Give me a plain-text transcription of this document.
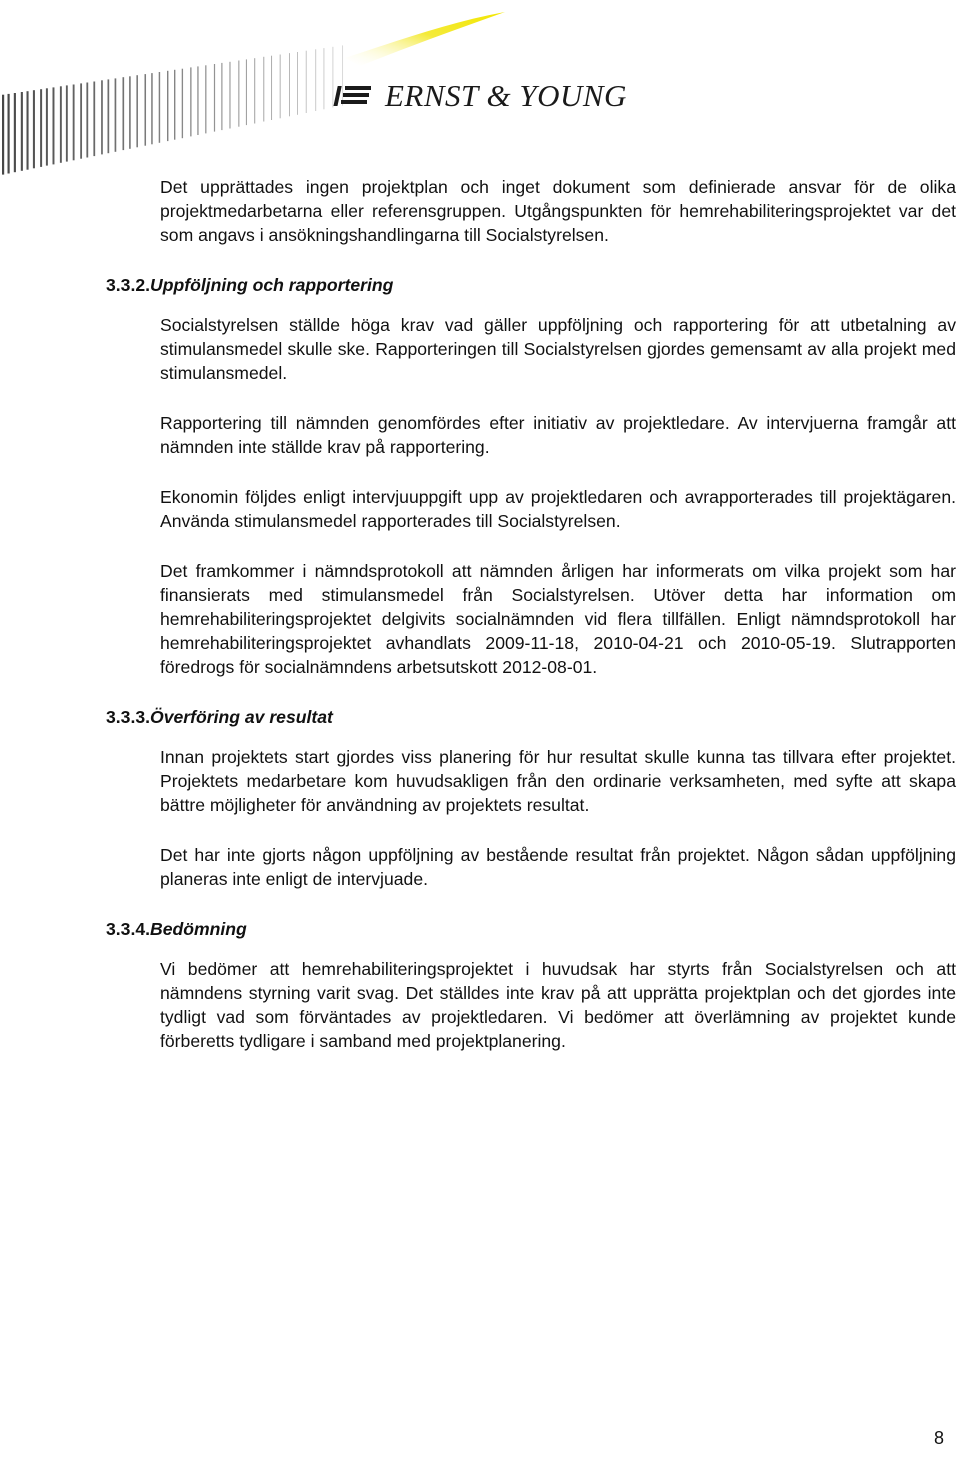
ERNST & YOUNG

Det upprättades ingen projektplan och inget dokument som definierade ansvar för de olika projektmedarbetarna eller referensgruppen. Utgångspunkten för hemrehabiliteringsprojektet var det som angavs i ansökningshandlingarna till Socialstyrelsen.

3.3.2.Uppföljning och rapportering

Socialstyrelsen ställde höga krav vad gäller uppföljning och rapportering för att utbetalning av stimulansmedel skulle ske. Rapporteringen till Socialstyrelsen gjordes gemensamt av alla projekt med stimulansmedel.

Rapportering till nämnden genomfördes efter initiativ av projektledare. Av intervjuerna framgår att nämnden inte ställde krav på rapportering.

Ekonomin följdes enligt intervjuuppgift upp av projektledaren och avrapporterades till projektägaren. Använda stimulansmedel rapporterades till Socialstyrelsen.

Det framkommer i nämndsprotokoll att nämnden årligen har informerats om vilka projekt som har finansierats med stimulansmedel från Socialstyrelsen. Utöver detta har information om hemrehabiliteringsprojektet delgivits socialnämnden vid flera tillfällen. Enligt nämndsprotokoll har hemrehabiliteringsprojektet avhandlats 2009-11-18, 2010-04-21 och 2010-05-19. Slutrapporten föredrogs för socialnämndens arbetsutskott 2012-08-01.

3.3.3.Överföring av resultat

Innan projektets start gjordes viss planering för hur resultat skulle kunna tas tillvara efter projektet. Projektets medarbetare kom huvudsakligen från den ordinarie verksamheten, med syfte att skapa bättre möjligheter för användning av projektets resultat.

Det har inte gjorts någon uppföljning av bestående resultat från projektet. Någon sådan uppföljning planeras inte enligt de intervjuade.

3.3.4.Bedömning

Vi bedömer att hemrehabiliteringsprojektet i huvudsak har styrts från Socialstyrelsen och att nämndens styrning varit svag. Det ställdes inte krav på att upprätta projektplan och det gjordes inte tydligt vad som förväntades av projektledaren. Vi bedömer att överlämning av projektet kunde förberetts tydligare i samband med projektplanering.

8
